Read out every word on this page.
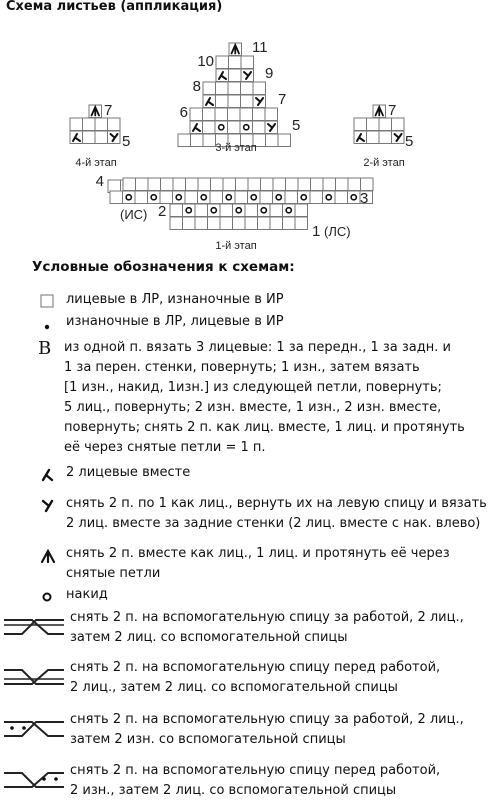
Схема листьев (аппликация)
4
3
(ИС) 2
1 (ЛС)
1-й этап
11
10
9
8
7
6
5
3-й этап
7
5
4-й этап
7
5
2-й этап
Условные обозначения к схемам:
лицевые в ЛР, изнаночные в ИР
изнаночные в ЛР, лицевые в ИР
B из одной п. вязать 3 лицевые: 1 за передн., 1 за задн. и
1 за перен. стенки, повернуть; 1 изн., затем вязать
[1 изн., накид, 1изн.] из следующей петли, повернуть;
5 лиц., повернуть; 2 изн. вместе, 1 изн., 2 изн. вместе,
повернуть; снять 2 п. как лиц. вместе, 1 лиц. и протянуть
её через снятые петли = 1 п.
2 лицевые вместе
снять 2 п. по 1 как лиц., вернуть их на левую спицу и вязать
2 лиц. вместе за задние стенки (2 лиц. вместе с нак. влево)
снять 2 п. вместе как лиц., 1 лиц. и протянуть её через
снятые петли
накид
снять 2 п. на вспомогательную спицу за работой, 2 лиц.,
затем 2 лиц. со вспомогательной спицы
снять 2 п. на вспомогательную спицу перед работой,
2 лиц., затем 2 лиц. со вспомогательной спицы
снять 2 п. на вспомогательную спицу за работой, 2 лиц.,
затем 2 изн. со вспомогательной спицы
снять 2 п. на вспомогательную спицу перед работой,
2 изн., затем 2 лиц. со вспомогательной спицы
